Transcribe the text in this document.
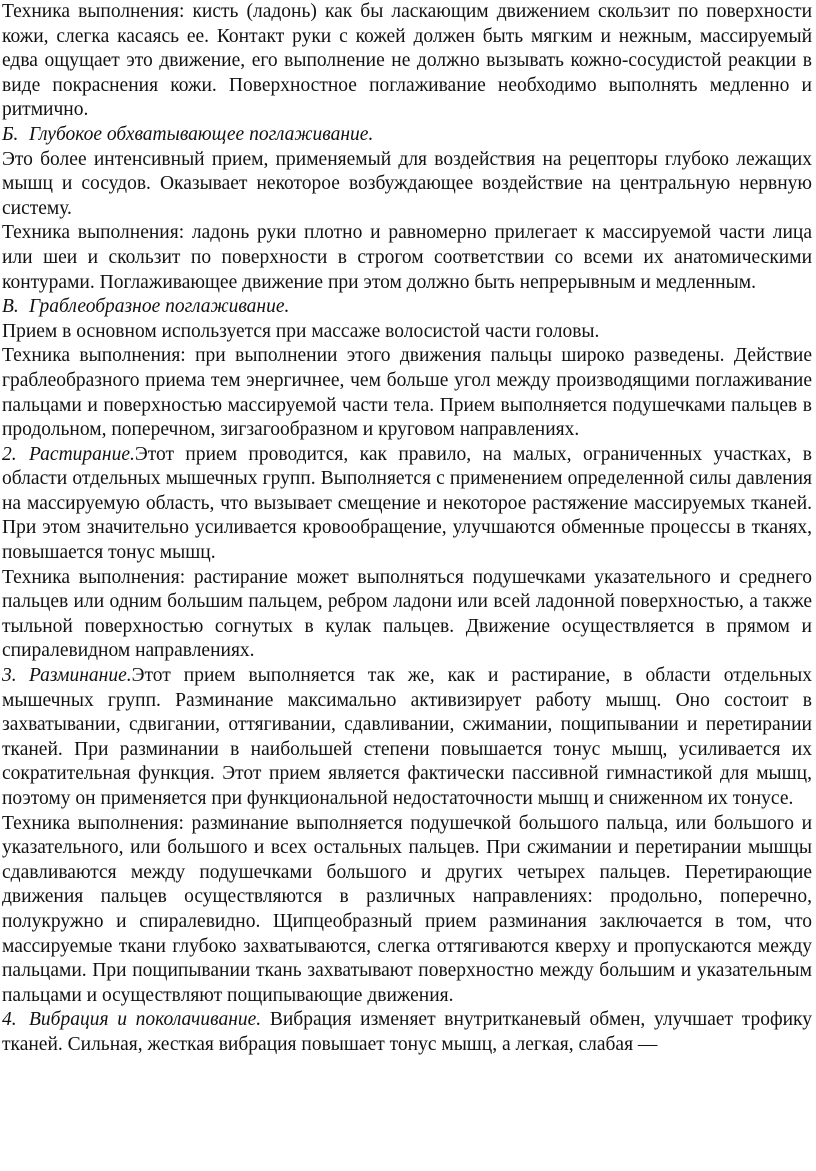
Техника выполнения: кисть (ладонь) как бы ласкающим движением скользит по поверхности кожи, слегка касаясь ее. Контакт руки с кожей должен быть мягким и нежным, массируемый едва ощущает это движение, его выполнение не должно вызывать кожно-сосудистой реакции в виде покраснения кожи. Поверхностное поглаживание необходимо выполнять медленно и ритмично.

Б. Глубокое обхватывающее поглаживание.

Это более интенсивный прием, применяемый для воздействия на рецепторы глубоко лежащих мышц и сосудов. Оказывает некоторое возбуждающее воздействие на центральную нервную систему.

Техника выполнения: ладонь руки плотно и равномерно прилегает к массируемой части лица или шеи и скользит по поверхности в строгом соответствии со всеми их анатомическими контурами. Поглаживающее движение при этом должно быть непрерывным и медленным.

В. Граблеобразное поглаживание.

Прием в основном используется при массаже волосистой части головы.

Техника выполнения: при выполнении этого движения пальцы широко разведены. Действие граблеобразного приема тем энергичнее, чем больше угол между производящими поглаживание пальцами и поверхностью массируемой части тела. Прием выполняется подушечками пальцев в продольном, поперечном, зигзагообразном и круговом направлениях.

2. Растирание.Этот прием проводится, как правило, на малых, ограниченных участках, в области отдельных мышечных групп. Выполняется с применением определенной силы давления на массируемую область, что вызывает смещение и некоторое растяжение массируемых тканей. При этом значительно усиливается кровообращение, улучшаются обменные процессы в тканях, повышается тонус мышц.

Техника выполнения: растирание может выполняться подушечками указательного и среднего пальцев или одним большим пальцем, ребром ладони или всей ладонной поверхностью, а также тыльной поверхностью согнутых в кулак пальцев. Движение осуществляется в прямом и спиралевидном направлениях.

3. Разминание.Этот прием выполняется так же, как и растирание, в области отдельных мышечных групп. Разминание максимально активизирует работу мышц. Оно состоит в захватывании, сдвигании, оттягивании, сдавливании, сжимании, пощипывании и перетирании тканей. При разминании в наибольшей степени повышается тонус мышц, усиливается их сократительная функция. Этот прием является фактически пассивной гимнастикой для мышц, поэтому он применяется при функциональной недостаточности мышц и сниженном их тонусе.

Техника выполнения: разминание выполняется подушечкой большого пальца, или большого и указательного, или большого и всех остальных пальцев. При сжимании и перетирании мышцы сдавливаются между подушечками большого и других четырех пальцев. Перетирающие движения пальцев осуществляются в различных направлениях: продольно, поперечно, полукружно и спиралевидно. Щипцеобразный прием разминания заключается в том, что массируемые ткани глубоко захватываются, слегка оттягиваются кверху и пропускаются между пальцами. При пощипывании ткань захватывают поверхностно между большим и указательным пальцами и осуществляют пощипывающие движения.

4. Вибрация и поколачивание. Вибрация изменяет внутритканевый обмен, улучшает трофику тканей. Сильная, жесткая вибрация повышает тонус мышц, а легкая, слабая —
